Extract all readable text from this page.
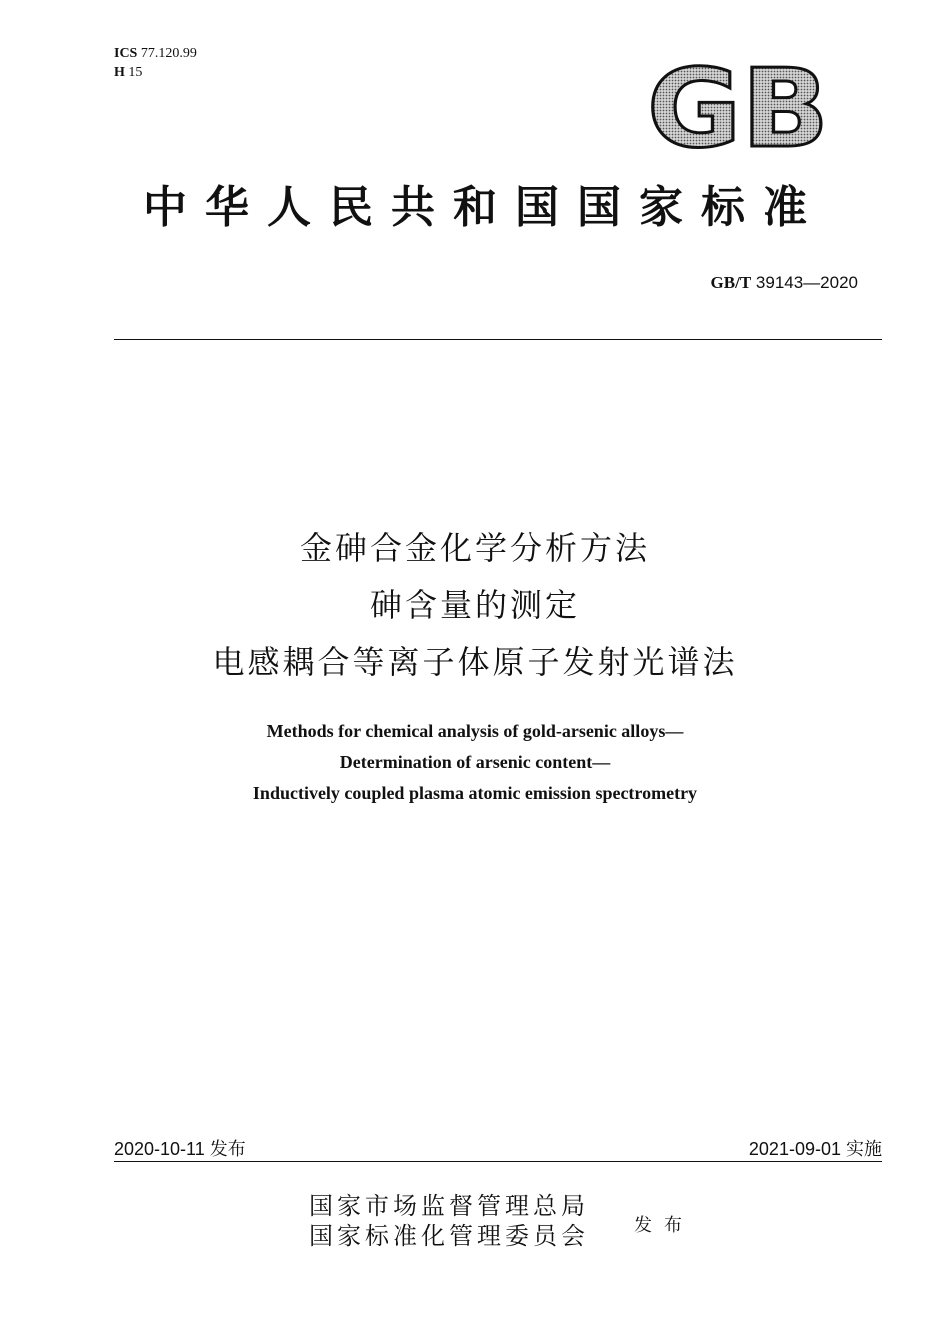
ICS 77.120.99
H 15	GB
中华人民共和国国家标准
GB/T 39143—2020
金砷合金化学分析方法
砷含量的测定
电感耦合等离子体原子发射光谱法
Methods for chemical analysis of gold-arsenic alloys—
Determination of arsenic content—
Inductively coupled plasma atomic emission spectrometry
2020-10-11 发布	2021-09-01 实施
国家市场监督管理总局
国家标准化管理委员会	发布
